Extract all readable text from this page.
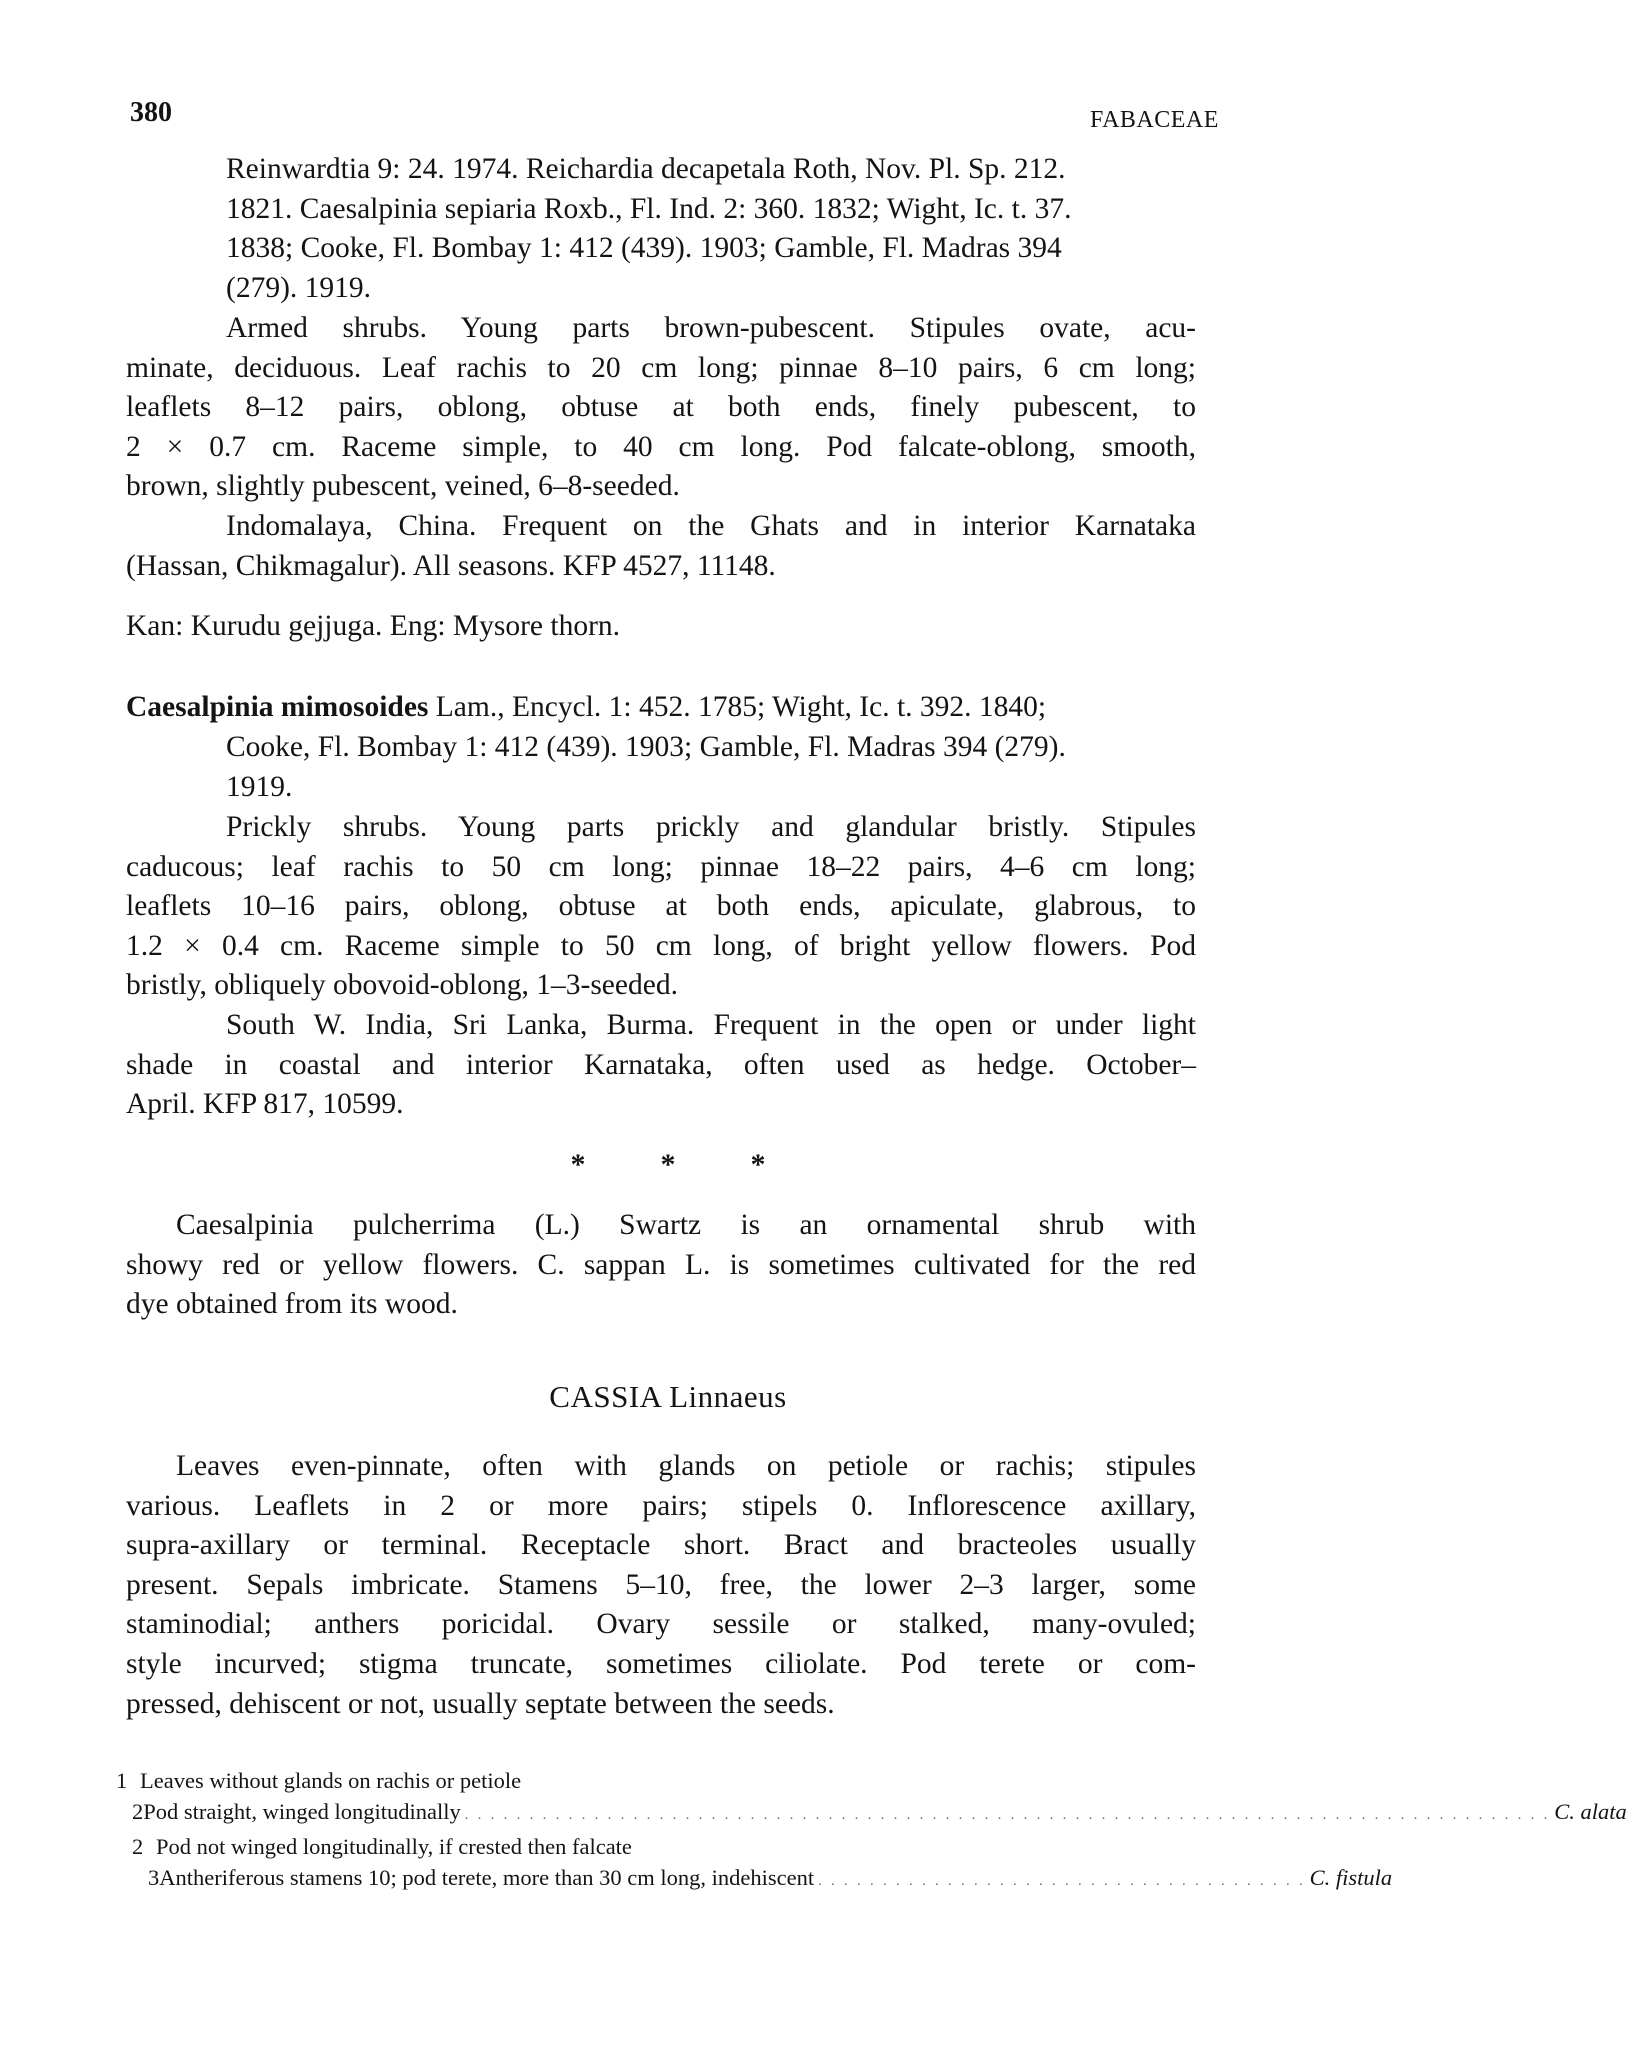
380	FABACEAE
Reinwardtia 9: 24. 1974. Reichardia decapetala Roth, Nov. Pl. Sp. 212.
1821. Caesalpinia sepiaria Roxb., Fl. Ind. 2: 360. 1832; Wight, Ic. t. 37.
1838; Cooke, Fl. Bombay 1: 412 (439). 1903; Gamble, Fl. Madras 394
(279). 1919.
Armed shrubs. Young parts brown-pubescent. Stipules ovate, acu-
minate, deciduous. Leaf rachis to 20 cm long; pinnae 8–10 pairs, 6 cm long;
leaflets 8–12 pairs, oblong, obtuse at both ends, finely pubescent, to
2 × 0.7 cm. Raceme simple, to 40 cm long. Pod falcate-oblong, smooth,
brown, slightly pubescent, veined, 6–8-seeded.
Indomalaya, China. Frequent on the Ghats and in interior Karnataka
(Hassan, Chikmagalur). All seasons. KFP 4527, 11148.
Kan: Kurudu gejjuga. Eng: Mysore thorn.
Caesalpinia mimosoides Lam., Encycl. 1: 452. 1785; Wight, Ic. t. 392. 1840;
Cooke, Fl. Bombay 1: 412 (439). 1903; Gamble, Fl. Madras 394 (279).
1919.
Prickly shrubs. Young parts prickly and glandular bristly. Stipules
caducous; leaf rachis to 50 cm long; pinnae 18–22 pairs, 4–6 cm long;
leaflets 10–16 pairs, oblong, obtuse at both ends, apiculate, glabrous, to
1.2 × 0.4 cm. Raceme simple to 50 cm long, of bright yellow flowers. Pod
bristly, obliquely obovoid-oblong, 1–3-seeded.
South W. India, Sri Lanka, Burma. Frequent in the open or under light
shade in coastal and interior Karnataka, often used as hedge. October–
April. KFP 817, 10599.
*          *          *
Caesalpinia pulcherrima (L.) Swartz is an ornamental shrub with
showy red or yellow flowers. C. sappan L. is sometimes cultivated for the red
dye obtained from its wood.
CASSIA Linnaeus
Leaves even-pinnate, often with glands on petiole or rachis; stipules
various. Leaflets in 2 or more pairs; stipels 0. Inflorescence axillary,
supra-axillary or terminal. Receptacle short. Bract and bracteoles usually
present. Sepals imbricate. Stamens 5–10, free, the lower 2–3 larger, some
staminodial; anthers poricidal. Ovary sessile or stalked, many-ovuled;
style incurved; stigma truncate, sometimes ciliolate. Pod terete or com-
pressed, dehiscent or not, usually septate between the seeds.
1 Leaves without glands on rachis or petiole
2 Pod straight, winged longitudinally . . . . . . . . . . . . . . . . . . . . . . . . . . . . . . . . . . . . . . . . . . . . . . . . . . . . . . . . . . . . . . . . . . . . . . . . . . . . . . . . . . . . C. alata
2 Pod not winged longitudinally, if crested then falcate
3 Antheriferous stamens 10; pod terete, more than 30 cm long, indehiscent . . . . . . . . . . . . . . . . . . . . . . . . . . . . . . . . . . . . . . C. fistula
